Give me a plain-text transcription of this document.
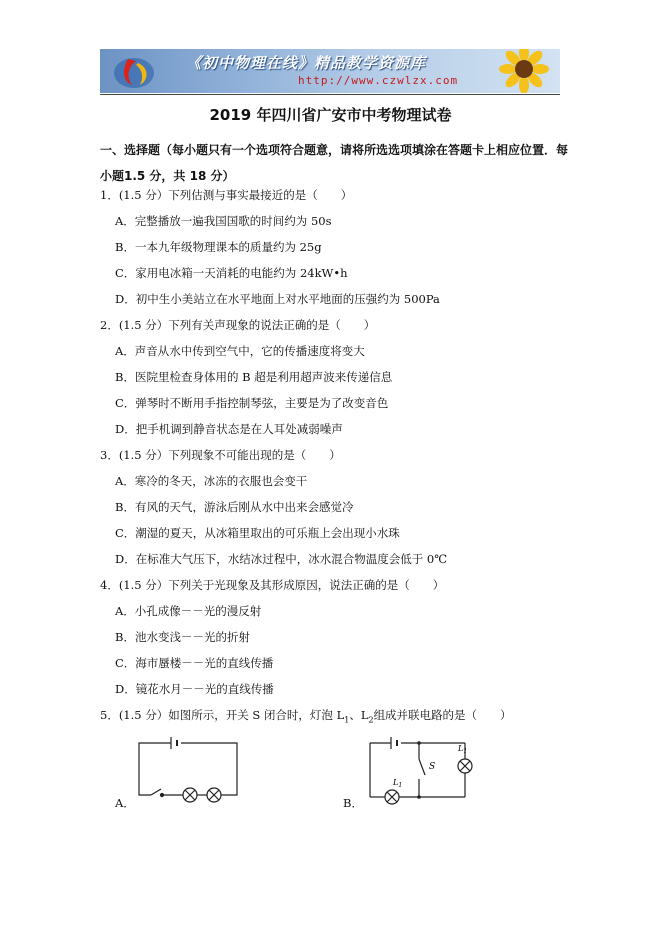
《初中物理在线》精品教学资源库
http://www.czwlzx.com
2019 年四川省广安市中考物理试卷
一、选择题（每小题只有一个选项符合题意，请将所选选项填涂在答题卡上相应位置．每
小题1.5 分，共 18 分）
1．(1.5 分）下列估测与事实最接近的是（　　）
A．完整播放一遍我国国歌的时间约为 50s
B．一本九年级物理课本的质量约为 25g
C．家用电冰箱一天消耗的电能约为 24kW•h
D．初中生小美站立在水平地面上对水平地面的压强约为 500Pa
2．(1.5 分）下列有关声现象的说法正确的是（　　）
A．声音从水中传到空气中，它的传播速度将变大
B．医院里检查身体用的 B 超是利用超声波来传递信息
C．弹琴时不断用手指控制琴弦，主要是为了改变音色
D．把手机调到静音状态是在人耳处减弱噪声
3．(1.5 分）下列现象不可能出现的是（　　）
A．寒冷的冬天，冰冻的衣服也会变干
B．有风的天气，游泳后刚从水中出来会感觉冷
C．潮湿的夏天，从冰箱里取出的可乐瓶上会出现小水珠
D．在标准大气压下，水结冰过程中，冰水混合物温度会低于 0℃
4．(1.5 分）下列关于光现象及其形成原因，说法正确的是（　　）
A．小孔成像－－光的漫反射
B．池水变浅－－光的折射
C．海市蜃楼－－光的直线传播
D．镜花水月－－光的直线传播
5．(1.5 分）如图所示，开关 S 闭合时，灯泡 $L_1$、$L_2$组成并联电路的是（　　）
A．	B．
S
$L_1$
$L_1$
